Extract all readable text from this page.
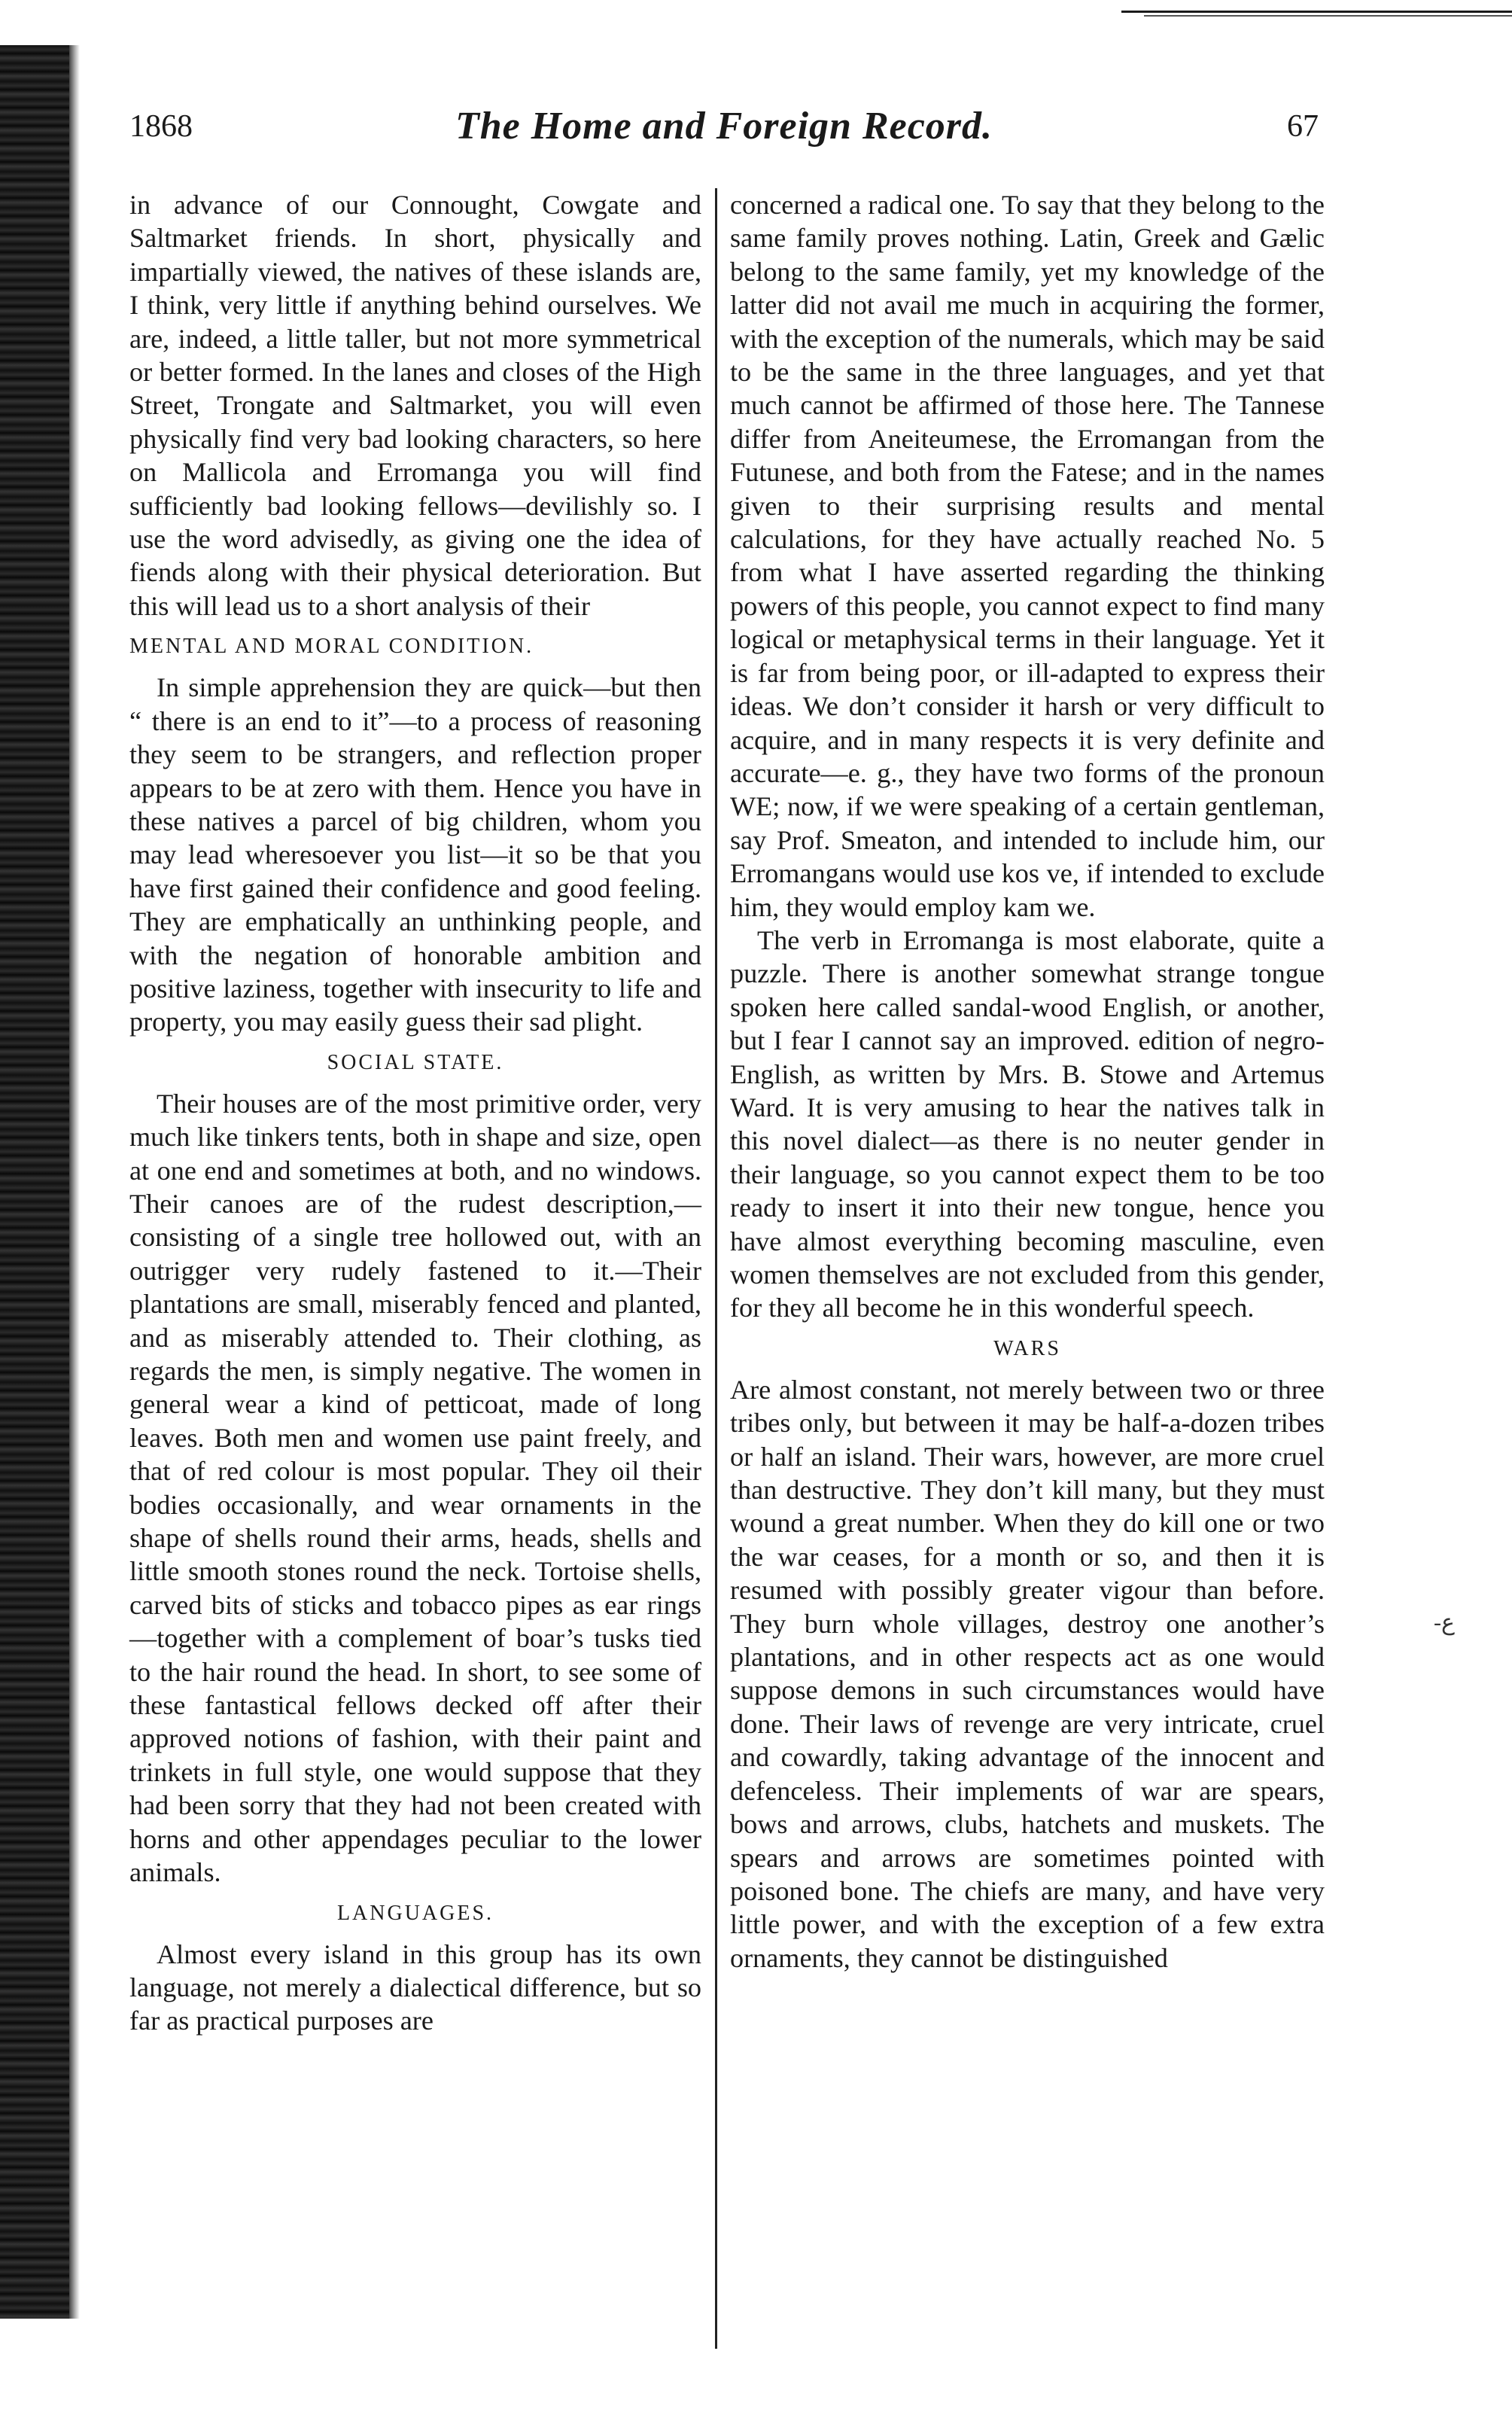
1868	The Home and Foreign Record.	67

in advance of our Connought, Cowgate and Saltmarket friends. In short, physically and impartially viewed, the natives of these islands are, I think, very little if anything behind ourselves. We are, indeed, a little taller, but not more symmetrical or better formed. In the lanes and closes of the High Street, Trongate and Saltmarket, you will even physically find very bad looking characters, so here on Mallicola and Erromanga you will find sufficiently bad looking fellows—devilishly so. I use the word advisedly, as giving one the idea of fiends along with their physical deterioration. But this will lead us to a short analysis of their

MENTAL AND MORAL CONDITION.

In simple apprehension they are quick—but then “ there is an end to it”—to a process of reasoning they seem to be strangers, and reflection proper appears to be at zero with them. Hence you have in these natives a parcel of big children, whom you may lead wheresoever you list—it so be that you have first gained their confidence and good feeling. They are emphatically an unthinking people, and with the negation of honorable ambition and positive laziness, together with insecurity to life and property, you may easily guess their sad plight.

SOCIAL STATE.

Their houses are of the most primitive order, very much like tinkers tents, both in shape and size, open at one end and sometimes at both, and no windows. Their canoes are of the rudest description,—consisting of a single tree hollowed out, with an outrigger very rudely fastened to it.—Their plantations are small, miserably fenced and planted, and as miserably attended to. Their clothing, as regards the men, is simply negative. The women in general wear a kind of petticoat, made of long leaves. Both men and women use paint freely, and that of red colour is most popular. They oil their bodies occasionally, and wear ornaments in the shape of shells round their arms, heads, shells and little smooth stones round the neck. Tortoise shells, carved bits of sticks and tobacco pipes as ear rings—together with a complement of boar’s tusks tied to the hair round the head. In short, to see some of these fantastical fellows decked off after their approved notions of fashion, with their paint and trinkets in full style, one would suppose that they had been sorry that they had not been created with horns and other appendages peculiar to the lower animals.

LANGUAGES.

Almost every island in this group has its own language, not merely a dialectical difference, but so far as practical purposes are

concerned a radical one. To say that they belong to the same family proves nothing. Latin, Greek and Gælic belong to the same family, yet my knowledge of the latter did not avail me much in acquiring the former, with the exception of the numerals, which may be said to be the same in the three languages, and yet that much cannot be affirmed of those here. The Tannese differ from Aneiteumese, the Erromangan from the Futunese, and both from the Fatese; and in the names given to their surprising results and mental calculations, for they have actually reached No. 5 from what I have asserted regarding the thinking powers of this people, you cannot expect to find many logical or metaphysical terms in their language. Yet it is far from being poor, or ill-adapted to express their ideas. We don’t consider it harsh or very difficult to acquire, and in many respects it is very definite and accurate—e. g., they have two forms of the pronoun WE; now, if we were speaking of a certain gentleman, say Prof. Smeaton, and intended to include him, our Erromangans would use kos ve, if intended to exclude him, they would employ kam we.

The verb in Erromanga is most elaborate, quite a puzzle. There is another somewhat strange tongue spoken here called sandal-wood English, or another, but I fear I cannot say an improved. edition of negro-English, as written by Mrs. B. Stowe and Artemus Ward. It is very amusing to hear the natives talk in this novel dialect—as there is no neuter gender in their language, so you cannot expect them to be too ready to insert it into their new tongue, hence you have almost everything becoming masculine, even women themselves are not excluded from this gender, for they all become he in this wonderful speech.

WARS

Are almost constant, not merely between two or three tribes only, but between it may be half-a-dozen tribes or half an island. Their wars, however, are more cruel than destructive. They don’t kill many, but they must wound a great number. When they do kill one or two the war ceases, for a month or so, and then it is resumed with possibly greater vigour than before. They burn whole villages, destroy one another’s plantations, and in other respects act as one would suppose demons in such circumstances would have done. Their laws of revenge are very intricate, cruel and cowardly, taking advantage of the innocent and defenceless. Their implements of war are spears, bows and arrows, clubs, hatchets and muskets. The spears and arrows are sometimes pointed with poisoned bone. The chiefs are many, and have very little power, and with the exception of a few extra ornaments, they cannot be distinguished

-ع
